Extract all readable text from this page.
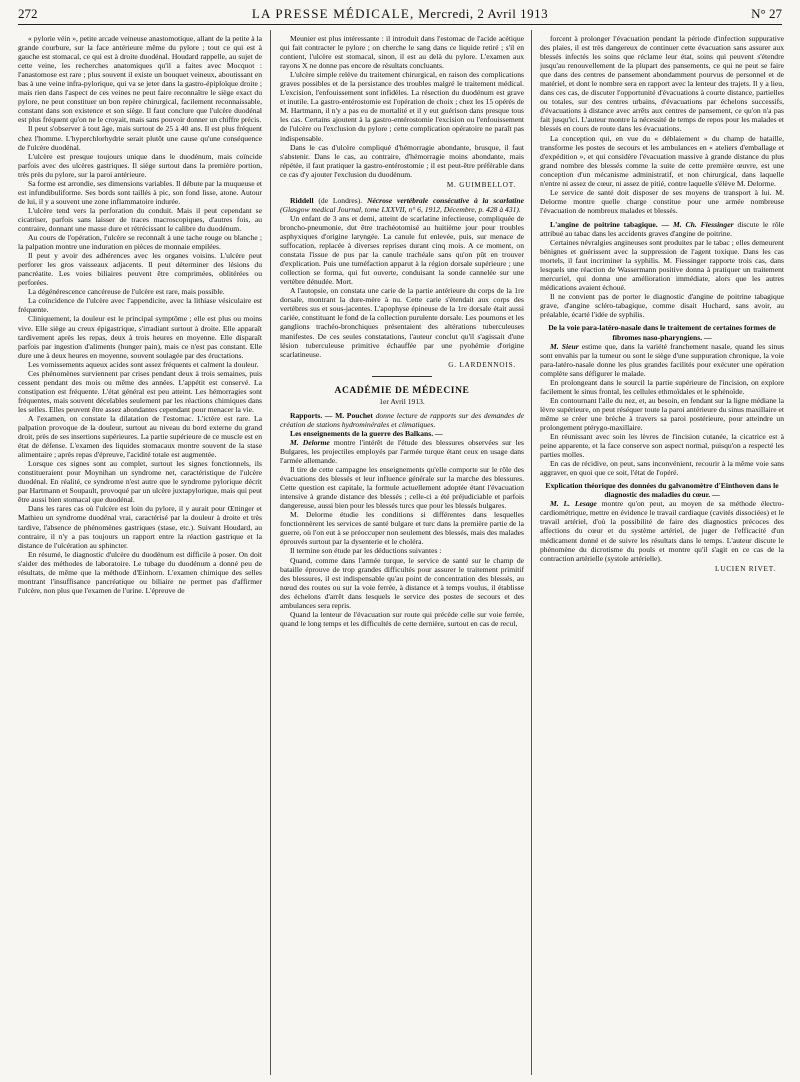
272	LA PRESSE MÉDICALE, Mercredi, 2 Avril 1913	N° 27

« pylorie véin », petite arcade veineuse anastomotique, allant de la petite à la grande courbure, sur la face antérieure même du pylore ; tout ce qui est à gauche est stomacal, ce qui est à droite duodénal. Houdard rappelle, au sujet de cette veine, les recherches anatomiques qu'il a faites avec Mocquot : l'anastomose est rare ; plus souvent il existe un bouquet veineux, aboutissant en bas à une veine infra-pylorique, qui va se jeter dans la gastro-épiploïque droite ; mais rien dans l'aspect de ces veines ne peut faire reconnaître le siège exact du pylore, ne peut constituer un bon repère chirurgical, facilement reconnaissable, constant dans son existence et son siège. Il faut conclure que l'ulcère duodénal est plus fréquent qu'on ne le croyait, mais sans pouvoir donner un chiffre précis.

Il peut s'observer à tout âge, mais surtout de 25 à 40 ans. Il est plus fréquent chez l'homme. L'hyperchlorhydrie serait plutôt une cause qu'une conséquence de l'ulcère duodénal.

L'ulcère est presque toujours unique dans le duodénum, mais coïncide parfois avec des ulcères gastriques. Il siège surtout dans la première portion, très près du pylore, sur la paroi antérieure.

Sa forme est arrondie, ses dimensions variables. Il débute par la muqueuse et est infundibuliforme. Ses bords sont taillés à pic, son fond lisse, atone. Autour de lui, il y a souvent une zone inflammatoire indurée.

L'ulcère tend vers la perforation du conduit. Mais il peut cependant se cicatriser, parfois sans laisser de traces macroscopiques, d'autres fois, au contraire, donnant une masse dure et rétrécissant le calibre du duodénum.

Au cours de l'opération, l'ulcère se reconnaît à une tache rouge ou blanche ; la palpation montre une induration en pièces de monnaie empilées.

Il peut y avoir des adhérences avec les organes voisins. L'ulcère peut perforer les gros vaisseaux adjacents. Il peut déterminer des lésions du pancréatite. Les voies biliaires peuvent être comprimées, oblitérées ou perforées.

La dégénérescence cancéreuse de l'ulcère est rare, mais possible.

La coïncidence de l'ulcère avec l'appendicite, avec la lithiase vésiculaire est fréquente.

Cliniquement, la douleur est le principal symptôme ; elle est plus ou moins vive. Elle siège au creux épigastrique, s'irradiant surtout à droite. Elle apparaît tardivement après les repas, deux à trois heures en moyenne. Elle disparaît parfois par ingestion d'aliments (hunger pain), mais ce n'est pas constant. Elle dure une à deux heures en moyenne, souvent soulagée par des éructations.

Les vomissements aqueux acides sont assez fréquents et calment la douleur.

Ces phénomènes surviennent par crises pendant deux à trois semaines, puis cessent pendant des mois ou même des années. L'appétit est conservé. La constipation est fréquente. L'état général est peu atteint. Les hémorragies sont fréquentes, mais souvent décelables seulement par les réactions chimiques dans les selles. Elles peuvent être assez abondantes cependant pour menacer la vie.

A l'examen, on constate la dilatation de l'estomac. L'ictère est rare. La palpation provoque de la douleur, surtout au niveau du bord externe du grand droit, près de ses insertions supérieures. La partie supérieure de ce muscle est en état de défense. L'examen des liquides stomacaux montre souvent de la stase alimentaire ; après repas d'épreuve, l'acidité totale est augmentée.

Lorsque ces signes sont au complet, surtout les signes fonctionnels, ils constitueraient pour Moynihan un syndrome net, caractéristique de l'ulcère duodénal. En réalité, ce syndrome n'est autre que le syndrome pylorique décrit par Hartmann et Soupault, provoqué par un ulcère juxtapylorique, mais qui peut être aussi bien stomacal que duodénal.

Dans les rares cas où l'ulcère est loin du pylore, il y aurait pour Œttinger et Mathieu un syndrome duodénal vrai, caractérisé par la douleur à droite et très tardive, l'absence de phénomènes gastriques (stase, etc.). Suivant Houdard, au contraire, il n'y a pas toujours un rapport entre la réaction gastrique et la distance de l'ulcération au sphincter.

En résumé, le diagnostic d'ulcère du duodénum est difficile à poser. On doit s'aider des méthodes de laboratoire. Le tubage du duodénum a donné peu de résultats, de même que la méthode d'Einhorn. L'examen chimique des selles montrant l'insuffisance pancréatique ou biliaire ne permet pas d'affirmer l'ulcère, non plus que l'examen de l'urine. L'épreuve de

Meunier est plus intéressante : il introduit dans l'estomac de l'acide acétique qui fait contracter le pylore ; on cherche le sang dans ce liquide retiré ; s'il en contient, l'ulcère est stomacal, sinon, il est au delà du pylore. L'examen aux rayons X ne donne pas encore de résultats concluants.

L'ulcère simple relève du traitement chirurgical, en raison des complications graves possibles et de la persistance des troubles malgré le traitement médical. L'excision, l'enfouissement sont infidèles. La résection du duodénum est grave et inutile. La gastro-entérostomie est l'opération de choix ; chez les 15 opérés de M. Hartmann, il n'y a pas eu de mortalité et il y eut guérison dans presque tous les cas. Certains ajoutent à la gastro-entérostomie l'excision ou l'enfouissement de l'ulcère ou l'exclusion du pylore ; cette complication opératoire ne paraît pas indispensable.

Dans le cas d'ulcère compliqué d'hémorragie abondante, brusque, il faut s'abstenir. Dans le cas, au contraire, d'hémorragie moins abondante, mais répétée, il faut pratiquer la gastro-entérostomie ; il est peut-être préférable dans ce cas d'y ajouter l'exclusion du duodénum.

M. GUIMBELLOT.

Riddell (de Londres). Nécrose vertébrale consécutive à la scarlatine (Glasgow medical Journal, tome LXXVII, n° 6, 1912, Décembre, p. 428 à 431).

Un enfant de 3 ans et demi, atteint de scarlatine infectieuse, compliquée de broncho-pneumonie, dut être trachéotomisé au huitième jour pour troubles asphyxiques d'origine laryngée. La canule fut enlevée, puis, sur menace de suffocation, replacée à diverses reprises durant cinq mois. A ce moment, on constata l'issue de pus par la canule trachéale sans qu'on pût en trouver d'explication. Puis une tuméfaction apparut à la région dorsale supérieure ; une collection se forma, qui fut ouverte, conduisant la sonde cannelée sur une vertèbre dénudée. Mort.

A l'autopsie, on constata une carie de la partie antérieure du corps de la 1re dorsale, montrant la dure-mère à nu. Cette carie s'étendait aux corps des vertèbres sus et sous-jacentes. L'apophyse épineuse de la 1re dorsale était aussi cariée, constituant le fond de la collection purulente dorsale. Les poumons et les ganglions trachéo-bronchiques présentaient des altérations tuberculeuses manifestes. De ces seules constatations, l'auteur conclut qu'il s'agissait d'une lésion tuberculeuse primitive échauffée par une pyohémie d'origine scarlatineuse.

G. LARDENNOIS.

ACADÉMIE DE MÉDECINE
1er Avril 1913.

Rapports. — M. Pouchet donne lecture de rapports sur des demandes de création de stations hydrominérales et climatiques.

Les enseignements de la guerre des Balkans. —

M. Delorme montre l'intérêt de l'étude des blessures observées sur les Bulgares, les projectiles employés par l'armée turque étant ceux en usage dans l'armée allemande.

Il tire de cette campagne les enseignements qu'elle comporte sur le rôle des évacuations des blessés et leur influence générale sur la marche des blessures. Cette question est capitale, la formule actuellement adoptée étant l'évacuation intensive à grande distance des blessés ; celle-ci a été préjudiciable et parfois dangereuse, aussi bien pour les blessés turcs que pour les blessés bulgares.

M. Delorme étudie les conditions si différentes dans lesquelles fonctionnèrent les services de santé bulgare et turc dans la première partie de la guerre, où l'on eut à se préoccuper non seulement des blessés, mais des malades éprouvés surtout par la dysenterie et le choléra.

Il termine son étude par les déductions suivantes :

Quand, comme dans l'armée turque, le service de santé sur le champ de bataille éprouve de trop grandes difficultés pour assurer le traitement primitif des blessures, il est indispensable qu'au point de concentration des blessés, au nœud des routes ou sur la voie ferrée, à distance et à temps voulus, il établisse des échelons d'arrêt dans lesquels le service des postes de secours et des ambulances sera repris.

Quand la lenteur de l'évacuation sur route qui précède celle sur voie ferrée, quand le long temps et les difficultés de cette dernière, surtout en cas de recul,

forcent à prolonger l'évacuation pendant la période d'infection suppurative des plaies, il est très dangereux de continuer cette évacuation sans assurer aux blessés infectés les soins que réclame leur état, soins qui peuvent s'étendre jusqu'au renouvellement de la plupart des pansements, ce qui ne peut se faire que dans des centres de pansement abondamment pourvus de personnel et de matériel, et dont le nombre sera en rapport avec la lenteur des trajets. Il y a lieu, dans ces cas, de discuter l'opportunité d'évacuations à courte distance, partielles ou totales, sur des centres urbains, d'évacuations par échelons successifs, d'évacuations à distance avec arrêts aux centres de pansement, ce qu'on n'a pas fait jusqu'ici. L'auteur montre la nécessité de temps de repos pour les malades et blessés en cours de route dans les évacuations.

La conception qui, en vue du « déblaiement » du champ de bataille, transforme les postes de secours et les ambulances en « ateliers d'emballage et d'expédition », et qui considère l'évacuation massive à grande distance du plus grand nombre des blessés comme la suite de cette première œuvre, est une conception d'un mécanisme administratif, et non chirurgical, dans laquelle n'entre ni assez de cœur, ni assez de pitié, contre laquelle s'élève M. Delorme.

Le service de santé doit disposer de ses moyens de transport à lui. M. Delorme montre quelle charge constitue pour une armée nombreuse l'évacuation de nombreux malades et blessés.

L'angine de poitrine tabagique. — M. Ch. Fiessinger discute le rôle attribué au tabac dans les accidents graves d'angine de poitrine.

Certaines névralgies angineuses sont produites par le tabac ; elles demeurent bénignes et guérissent avec la suppression de l'agent toxique. Dans les cas mortels, il faut incriminer la syphilis. M. Fiessinger rapporte trois cas, dans lesquels une réaction de Wassermann positive donna à pratiquer un traitement mercuriel, qui donna une amélioration immédiate, alors que les autres médications avaient échoué.

Il ne convient pas de porter le diagnostic d'angine de poitrine tabagique grave, d'angine scléro-tabagique, comme disait Huchard, sans avoir, au préalable, écarté l'idée de syphilis.

De la voie para-latéro-nasale dans le traitement de certaines formes de fibromes naso-pharyngiens. —

M. Sieur estime que, dans la variété franchement nasale, quand les sinus sont envahis par la tumeur ou sont le siège d'une suppuration chronique, la voie para-latéro-nasale donne les plus grandes facilités pour exécuter une opération complète sans défigurer le malade.

En prolongeant dans le sourcil la partie supérieure de l'incision, on explore facilement le sinus frontal, les cellules ethmoïdales et le sphénoïde.

En contournant l'aile du nez, et, au besoin, en fendant sur la ligne médiane la lèvre supérieure, on peut réséquer toute la paroi antérieure du sinus maxillaire et même se créer une brèche à travers sa paroi postérieure, pour atteindre un prolongement ptérygo-maxillaire.

En réunissant avec soin les lèvres de l'incision cutanée, la cicatrice est à peine apparente, et la face conserve son aspect normal, puisqu'on a respecté les parties molles.

En cas de récidive, on peut, sans inconvénient, recourir à la même voie sans aggraver, en quoi que ce soit, l'état de l'opéré.

Explication théorique des données du galvanomètre d'Einthoven dans le diagnostic des maladies du cœur. —

M. L. Lesage montre qu'on peut, au moyen de sa méthode électro-cardiométrique, mettre en évidence le travail cardiaque (cavités dissociées) et le travail artériel, d'où la possibilité de faire des diagnostics précoces des affections du cœur et du système artériel, de juger de l'efficacité d'un médicament donné et de suivre les résultats dans le temps. L'auteur discute le phénomène du dicrotisme du pouls et montre qu'il s'agit en ce cas de la contraction artérielle (systole artérielle).

LUCIEN RIVET.
